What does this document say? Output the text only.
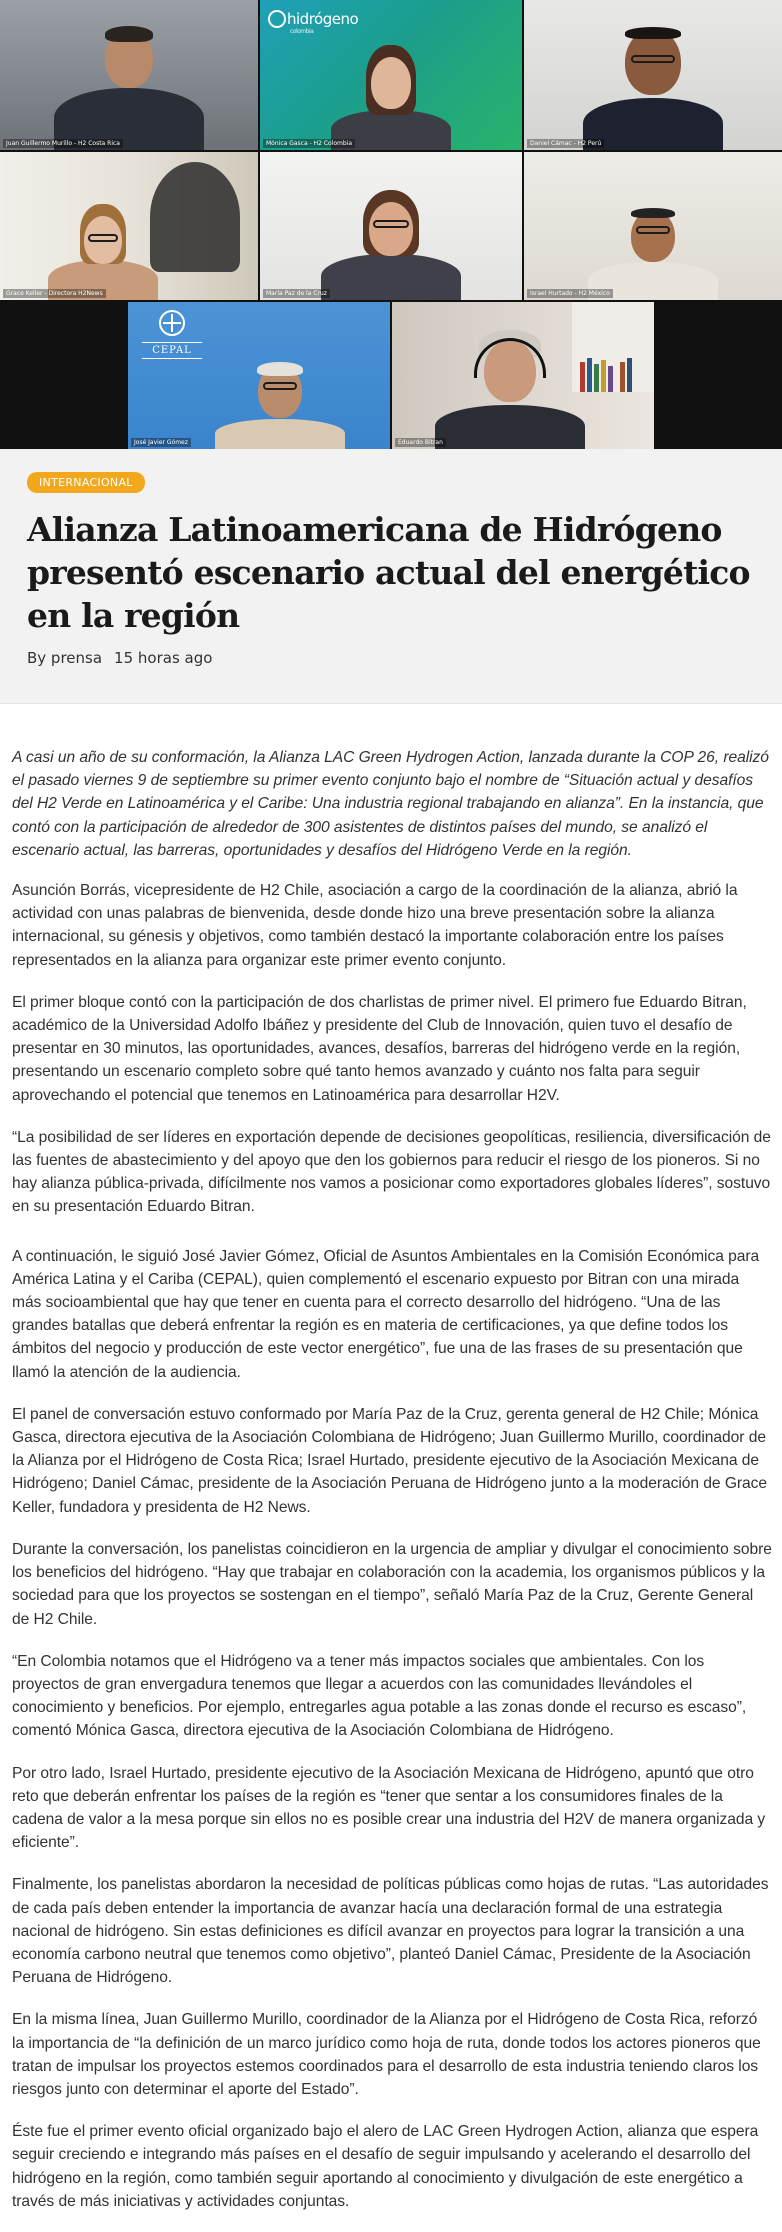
Juan Guillermo Murillo - H2 Costa Rica
hidrógeno
colombia
Mónica Gasca - H2 Colombia	Daniel Cámac - H2 Perú
Grace Keller - Directora H2News	María Paz de la Cruz	Israel Hurtado - H2 México
CEPAL
José Javier Gómez	Eduardo Bitran
INTERNACIONAL
Alianza Latinoamericana de Hidrógeno presentó escenario actual del energético en la región
By prensa 15 horas ago

A casi un año de su conformación, la Alianza LAC Green Hydrogen Action, lanzada durante la COP 26, realizó el pasado viernes 9 de septiembre su primer evento conjunto bajo el nombre de “Situación actual y desafíos del H2 Verde en Latinoamérica y el Caribe: Una industria regional trabajando en alianza”. En la instancia, que contó con la participación de alrededor de 300 asistentes de distintos países del mundo, se analizó el escenario actual, las barreras, oportunidades y desafíos del Hidrógeno Verde en la región.

Asunción Borrás, vicepresidente de H2 Chile, asociación a cargo de la coordinación de la alianza, abrió la actividad con unas palabras de bienvenida, desde donde hizo una breve presentación sobre la alianza internacional, su génesis y objetivos, como también destacó la importante colaboración entre los países representados en la alianza para organizar este primer evento conjunto.

El primer bloque contó con la participación de dos charlistas de primer nivel. El primero fue Eduardo Bitran, académico de la Universidad Adolfo Ibáñez y presidente del Club de Innovación, quien tuvo el desafío de presentar en 30 minutos, las oportunidades, avances, desafíos, barreras del hidrógeno verde en la región, presentando un escenario completo sobre qué tanto hemos avanzado y cuánto nos falta para seguir aprovechando el potencial que tenemos en Latinoamérica para desarrollar H2V.

“La posibilidad de ser líderes en exportación depende de decisiones geopolíticas, resiliencia, diversificación de las fuentes de abastecimiento y del apoyo que den los gobiernos para reducir el riesgo de los pioneros. Si no hay alianza pública-privada, difícilmente nos vamos a posicionar como exportadores globales líderes”, sostuvo en su presentación Eduardo Bitran.

A continuación, le siguió José Javier Gómez, Oficial de Asuntos Ambientales en la Comisión Económica para América Latina y el Cariba (CEPAL), quien complementó el escenario expuesto por Bitran con una mirada más socioambiental que hay que tener en cuenta para el correcto desarrollo del hidrógeno. “Una de las grandes batallas que deberá enfrentar la región es en materia de certificaciones, ya que define todos los ámbitos del negocio y producción de este vector energético”, fue una de las frases de su presentación que llamó la atención de la audiencia.

El panel de conversación estuvo conformado por María Paz de la Cruz, gerenta general de H2 Chile; Mónica Gasca, directora ejecutiva de la Asociación Colombiana de Hidrógeno; Juan Guillermo Murillo, coordinador de la Alianza por el Hidrógeno de Costa Rica; Israel Hurtado, presidente ejecutivo de la Asociación Mexicana de Hidrógeno; Daniel Cámac, presidente de la Asociación Peruana de Hidrógeno junto a la moderación de Grace Keller, fundadora y presidenta de H2 News.

Durante la conversación, los panelistas coincidieron en la urgencia de ampliar y divulgar el conocimiento sobre los beneficios del hidrógeno. “Hay que trabajar en colaboración con la academia, los organismos públicos y la sociedad para que los proyectos se sostengan en el tiempo”, señaló María Paz de la Cruz, Gerente General de H2 Chile.

“En Colombia notamos que el Hidrógeno va a tener más impactos sociales que ambientales. Con los proyectos de gran envergadura tenemos que llegar a acuerdos con las comunidades llevándoles el conocimiento y beneficios. Por ejemplo, entregarles agua potable a las zonas donde el recurso es escaso”, comentó Mónica Gasca, directora ejecutiva de la Asociación Colombiana de Hidrógeno.

Por otro lado, Israel Hurtado, presidente ejecutivo de la Asociación Mexicana de Hidrógeno, apuntó que otro reto que deberán enfrentar los países de la región es “tener que sentar a los consumidores finales de la cadena de valor a la mesa porque sin ellos no es posible crear una industria del H2V de manera organizada y eficiente”.

Finalmente, los panelistas abordaron la necesidad de políticas públicas como hojas de rutas. “Las autoridades de cada país deben entender la importancia de avanzar hacía una declaración formal de una estrategia nacional de hidrógeno. Sin estas definiciones es difícil avanzar en proyectos para lograr la transición a una economía carbono neutral que tenemos como objetivo”, planteó Daniel Cámac, Presidente de la Asociación Peruana de Hidrógeno.

En la misma línea, Juan Guillermo Murillo, coordinador de la Alianza por el Hidrógeno de Costa Rica, reforzó la importancia de “la definición de un marco jurídico como hoja de ruta, donde todos los actores pioneros que tratan de impulsar los proyectos estemos coordinados para el desarrollo de esta industria teniendo claros los riesgos junto con determinar el aporte del Estado”.

Éste fue el primer evento oficial organizado bajo el alero de LAC Green Hydrogen Action, alianza que espera seguir creciendo e integrando más países en el desafío de seguir impulsando y acelerando el desarrollo del hidrógeno en la región, como también seguir aportando al conocimiento y divulgación de este energético a través de más iniciativas y actividades conjuntas.
